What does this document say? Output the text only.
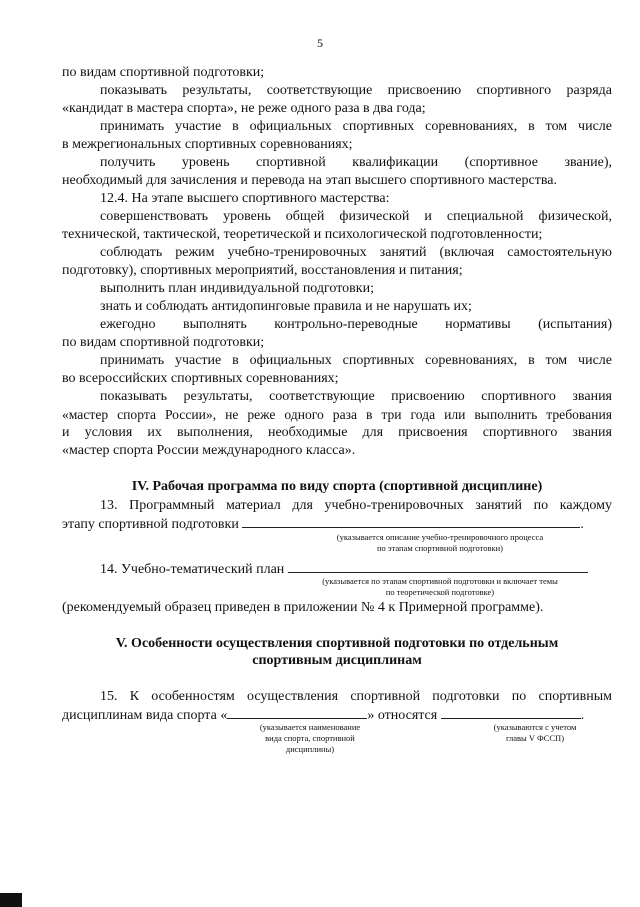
5
по видам спортивной подготовки;
показывать результаты, соответствующие присвоению спортивного разряда
«кандидат в мастера спорта», не реже одного раза в два года;
принимать участие в официальных спортивных соревнованиях, в том числе
в межрегиональных спортивных соревнованиях;
получить уровень спортивной квалификации (спортивное звание),
необходимый для зачисления и перевода на этап высшего спортивного мастерства.
12.4. На этапе высшего спортивного мастерства:
совершенствовать уровень общей физической и специальной физической,
технической, тактической, теоретической и психологической подготовленности;
соблюдать режим учебно-тренировочных занятий (включая самостоятельную
подготовку), спортивных мероприятий, восстановления и питания;
выполнить план индивидуальной подготовки;
знать и соблюдать антидопинговые правила и не нарушать их;
ежегодно выполнять контрольно-переводные нормативы (испытания)
по видам спортивной подготовки;
принимать участие в официальных спортивных соревнованиях, в том числе
во всероссийских спортивных соревнованиях;
показывать результаты, соответствующие присвоению спортивного звания
«мастер спорта России», не реже одного раза в три года или выполнить требования
и условия их выполнения, необходимые для присвоения спортивного звания
«мастер спорта России международного класса».
IV. Рабочая программа по виду спорта (спортивной дисциплине)
13. Программный материал для учебно-тренировочных занятий по каждому
этапу спортивной подготовки	.
(указывается описание учебно-тренировочного процесса
по этапам спортивной подготовки)
14. Учебно-тематический план
(указывается по этапам спортивной подготовки и включает темы
по теоретической подготовке)
(рекомендуемый образец приведен в приложении № 4 к Примерной программе).
V. Особенности осуществления спортивной подготовки по отдельным
спортивным дисциплинам
15. К особенностям осуществления спортивной подготовки по спортивным
дисциплинам вида спорта «	» относятся	.
(указывается наименование
вида спорта, спортивной
дисциплины)
(указываются с учетом
главы V ФССП)
